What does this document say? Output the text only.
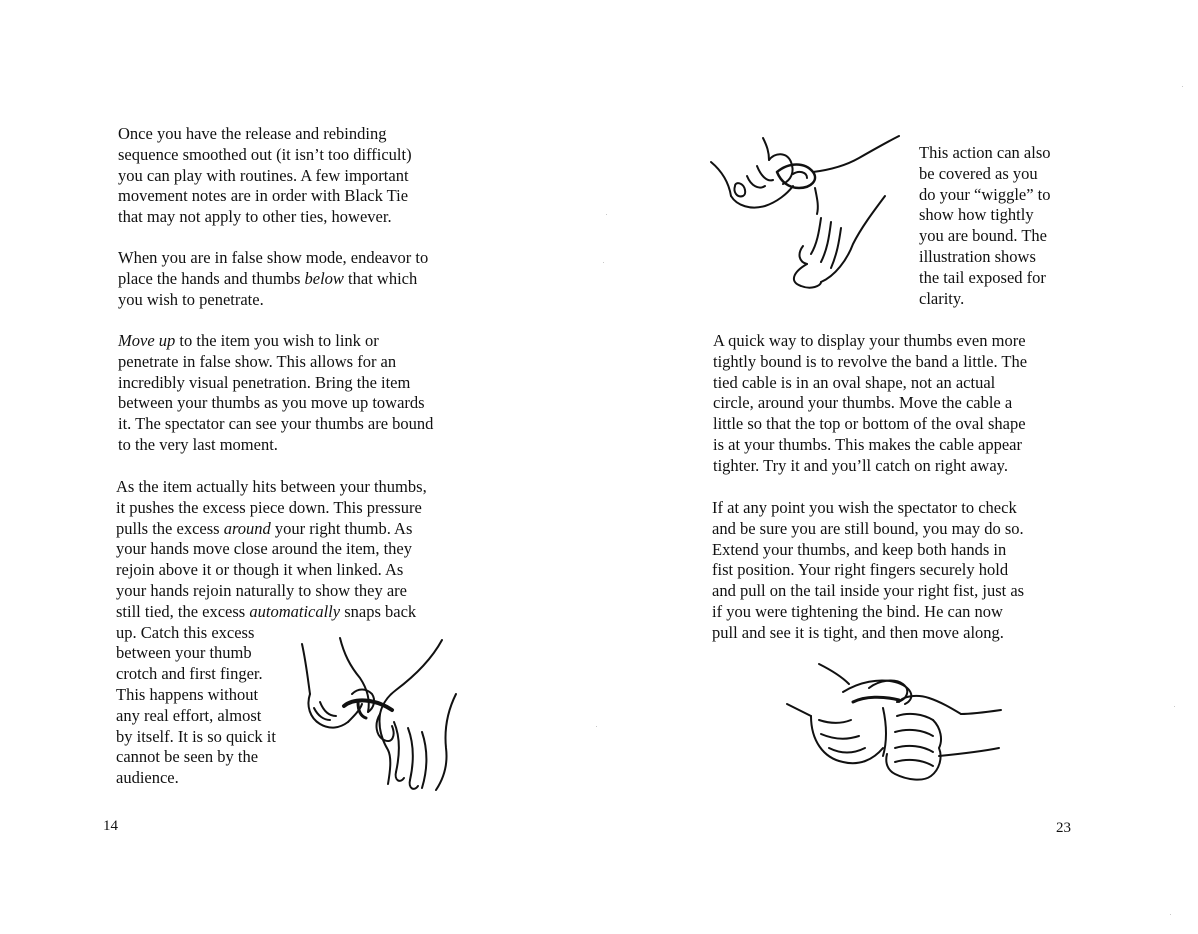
Once you have the release and rebinding
sequence smoothed out (it isn’t too difficult)
you can play with routines. A few important
movement notes are in order with Black Tie
that may not apply to other ties, however.
When you are in false show mode, endeavor to
place the hands and thumbs below that which
you wish to penetrate.
Move up to the item you wish to link or
penetrate in false show. This allows for an
incredibly visual penetration. Bring the item
between your thumbs as you move up towards
it. The spectator can see your thumbs are bound
to the very last moment.
As the item actually hits between your thumbs,
it pushes the excess piece down. This pressure
pulls the excess around your right thumb. As
your hands move close around the item, they
rejoin above it or though it when linked. As
your hands rejoin naturally to show they are
still tied, the excess automatically snaps back
up. Catch this excess
between your thumb
crotch and first finger.
This happens without
any real effort, almost
by itself. It is so quick it
cannot be seen by the
audience.
14
This action can also
be covered as you
do your “wiggle” to
show how tightly
you are bound. The
illustration shows
the tail exposed for
clarity.
A quick way to display your thumbs even more
tightly bound is to revolve the band a little. The
tied cable is in an oval shape, not an actual
circle, around your thumbs. Move the cable a
little so that the top or bottom of the oval shape
is at your thumbs. This makes the cable appear
tighter. Try it and you’ll catch on right away.
If at any point you wish the spectator to check
and be sure you are still bound, you may do so.
Extend your thumbs, and keep both hands in
fist position. Your right fingers securely hold
and pull on the tail inside your right fist, just as
if you were tightening the bind. He can now
pull and see it is tight, and then move along.
23
